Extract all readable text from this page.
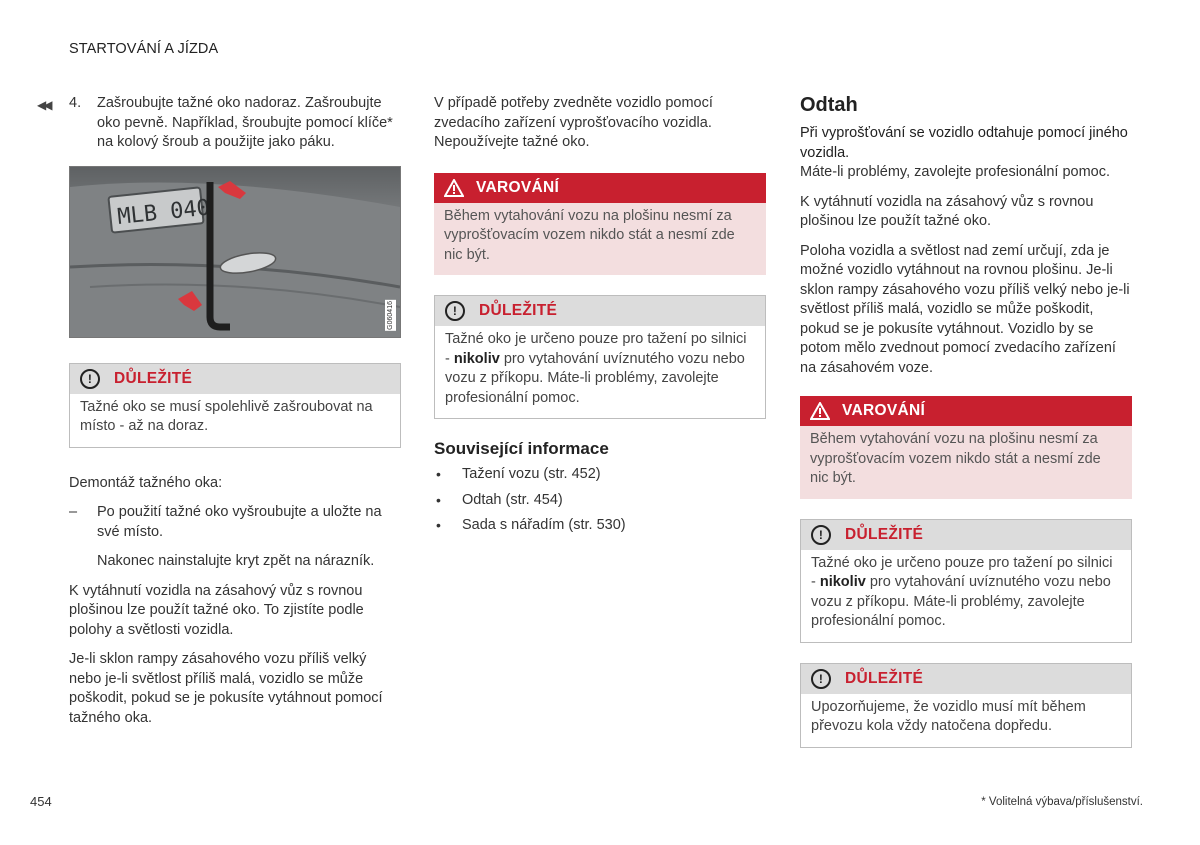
STARTOVÁNÍ A JÍZDA
◀◀ 4. Zašroubujte tažné oko nadoraz. Zašroubujte oko pevně. Například, šroubujte pomocí klíče* na kolový šroub a použijte jako páku.
MLB 040
G060416
!	DŮLEŽITÉ
Tažné oko se musí spolehlivě zašroubovat na místo - až na doraz.

Demontáž tažného oka:

– Po použití tažné oko vyšroubujte a uložte na své místo.

Nakonec nainstalujte kryt zpět na nárazník.

K vytáhnutí vozidla na zásahový vůz s rovnou plošinou lze použít tažné oko. To zjistíte podle polohy a světlosti vozidla.

Je-li sklon rampy zásahového vozu příliš velký nebo je-li světlost příliš malá, vozidlo se může poškodit, pokud se je pokusíte vytáhnout pomocí tažného oka.

V případě potřeby zvedněte vozidlo pomocí zvedacího zařízení vyprošťovacího vozidla. Nepoužívejte tažné oko.

VAROVÁNÍ
Během vytahování vozu na plošinu nesmí za vyprošťovacím vozem nikdo stát a nesmí zde nic být.
!	DŮLEŽITÉ
Tažné oko je určeno pouze pro tažení po silnici - nikoliv pro vytahování uvíznutého vozu nebo vozu z příkopu. Máte-li problémy, zavolejte profesionální pomoc.
Související informace
• Tažení vozu (str. 452)
• Odtah (str. 454)
• Sada s nářadím (str. 530)
Odtah

Při vyprošťování se vozidlo odtahuje pomocí jiného vozidla.

Máte-li problémy, zavolejte profesionální pomoc.

K vytáhnutí vozidla na zásahový vůz s rovnou plošinou lze použít tažné oko.

Poloha vozidla a světlost nad zemí určují, zda je možné vozidlo vytáhnout na rovnou plošinu. Je-li sklon rampy zásahového vozu příliš velký nebo je-li světlost příliš malá, vozidlo se může poškodit, pokud se je pokusíte vytáhnout. Vozidlo by se potom mělo zvednout pomocí zvedacího zařízení na zásahovém voze.

VAROVÁNÍ
Během vytahování vozu na plošinu nesmí za vyprošťovacím vozem nikdo stát a nesmí zde nic být.
!	DŮLEŽITÉ
Tažné oko je určeno pouze pro tažení po silnici - nikoliv pro vytahování uvíznutého vozu nebo vozu z příkopu. Máte-li problémy, zavolejte profesionální pomoc.
!	DŮLEŽITÉ
Upozorňujeme, že vozidlo musí mít během převozu kola vždy natočena dopředu.
454	* Volitelná výbava/příslušenství.
